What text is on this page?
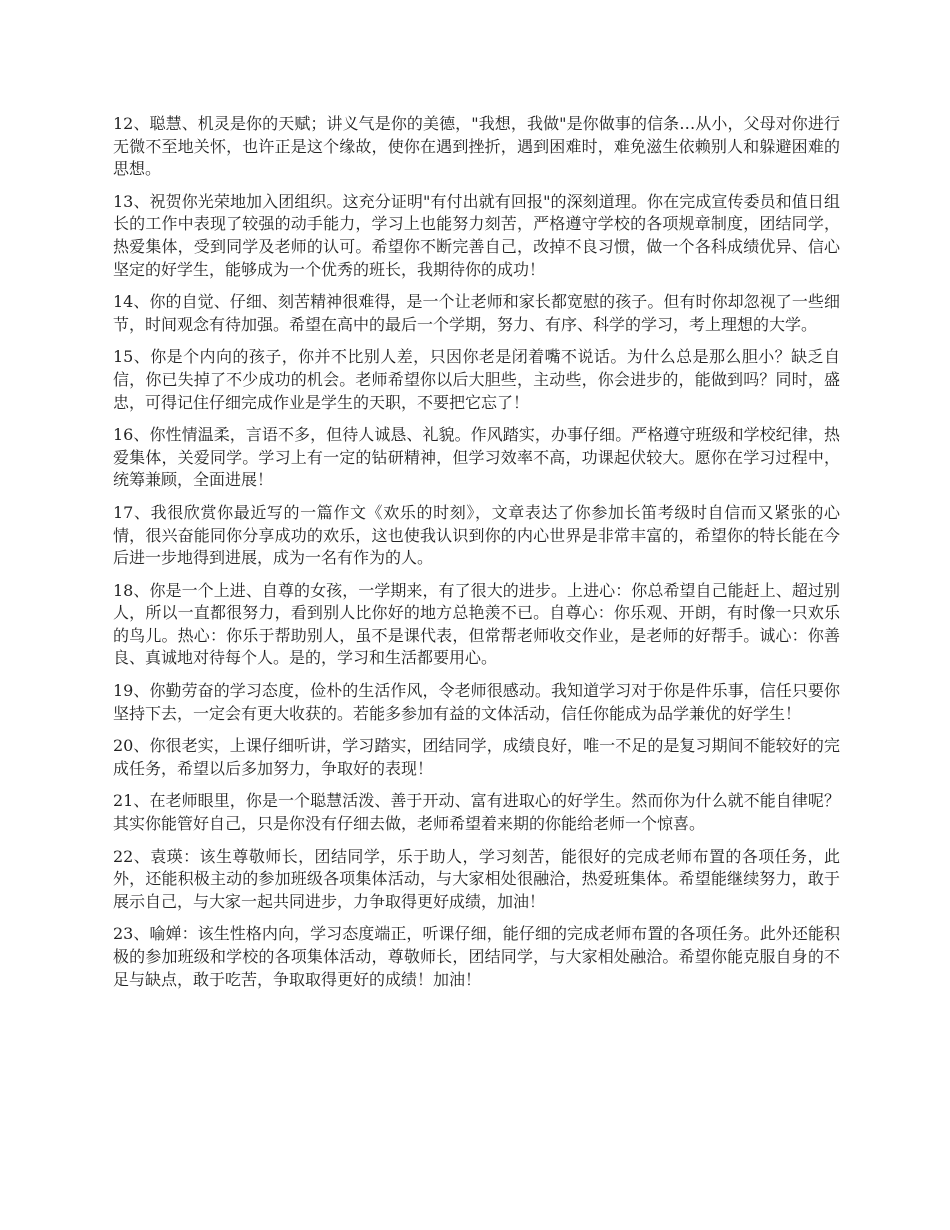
12、聪慧、机灵是你的天赋；讲义气是你的美德，"我想，我做"是你做事的信条…从小，父母对你进行无微不至地关怀，也许正是这个缘故，使你在遇到挫折，遇到困难时，难免滋生依赖别人和躲避困难的思想。

13、祝贺你光荣地加入团组织。这充分证明"有付出就有回报"的深刻道理。你在完成宣传委员和值日组长的工作中表现了较强的动手能力，学习上也能努力刻苦，严格遵守学校的各项规章制度，团结同学，热爱集体，受到同学及老师的认可。希望你不断完善自己，改掉不良习惯，做一个各科成绩优异、信心坚定的好学生，能够成为一个优秀的班长，我期待你的成功！

14、你的自觉、仔细、刻苦精神很难得，是一个让老师和家长都宽慰的孩子。但有时你却忽视了一些细节，时间观念有待加强。希望在高中的最后一个学期，努力、有序、科学的学习，考上理想的大学。

15、你是个内向的孩子，你并不比别人差，只因你老是闭着嘴不说话。为什么总是那么胆小？缺乏自信，你已失掉了不少成功的机会。老师希望你以后大胆些，主动些，你会进步的，能做到吗？同时，盛忠，可得记住仔细完成作业是学生的天职，不要把它忘了！

16、你性情温柔，言语不多，但待人诚恳、礼貌。作风踏实，办事仔细。严格遵守班级和学校纪律，热爱集体，关爱同学。学习上有一定的钻研精神，但学习效率不高，功课起伏较大。愿你在学习过程中，统筹兼顾，全面进展！

17、我很欣赏你最近写的一篇作文《欢乐的时刻》，文章表达了你参加长笛考级时自信而又紧张的心情，很兴奋能同你分享成功的欢乐，这也使我认识到你的内心世界是非常丰富的，希望你的特长能在今后进一步地得到进展，成为一名有作为的人。

18、你是一个上进、自尊的女孩，一学期来，有了很大的进步。上进心：你总希望自己能赶上、超过别人，所以一直都很努力，看到别人比你好的地方总艳羡不已。自尊心：你乐观、开朗，有时像一只欢乐的鸟儿。热心：你乐于帮助别人，虽不是课代表，但常帮老师收交作业，是老师的好帮手。诚心：你善良、真诚地对待每个人。是的，学习和生活都要用心。

19、你勤劳奋的学习态度，俭朴的生活作风，令老师很感动。我知道学习对于你是件乐事，信任只要你坚持下去，一定会有更大收获的。若能多参加有益的文体活动，信任你能成为品学兼优的好学生！

20、你很老实，上课仔细听讲，学习踏实，团结同学，成绩良好，唯一不足的是复习期间不能较好的完成任务，希望以后多加努力，争取好的表现！

21、在老师眼里，你是一个聪慧活泼、善于开动、富有进取心的好学生。然而你为什么就不能自律呢？其实你能管好自己，只是你没有仔细去做，老师希望着来期的你能给老师一个惊喜。

22、袁瑛：该生尊敬师长，团结同学，乐于助人，学习刻苦，能很好的完成老师布置的各项任务，此外，还能积极主动的参加班级各项集体活动，与大家相处很融洽，热爱班集体。希望能继续努力，敢于展示自己，与大家一起共同进步，力争取得更好成绩，加油！

23、喻婵：该生性格内向，学习态度端正，听课仔细，能仔细的完成老师布置的各项任务。此外还能积极的参加班级和学校的各项集体活动，尊敬师长，团结同学，与大家相处融洽。希望你能克服自身的不足与缺点，敢于吃苦，争取取得更好的成绩！加油！
